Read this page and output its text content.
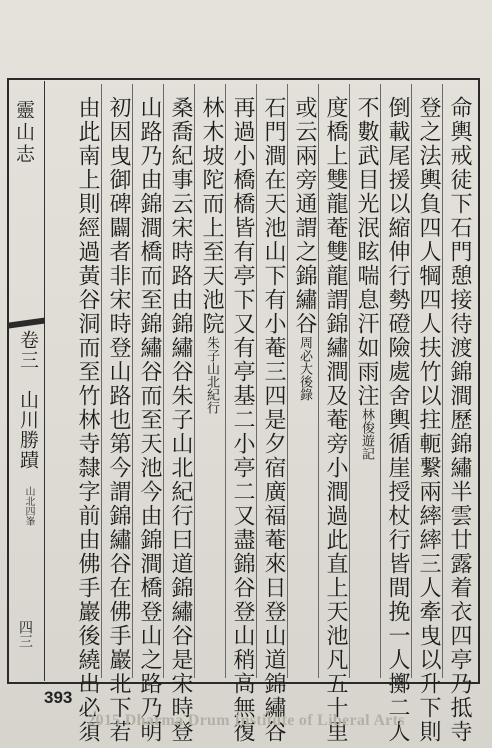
靈山志
卷三　山川勝蹟
山北四峯
四三	命輿戒徒下石門憩接待渡錦澗歷錦繡半雲廿露着衣四亭乃抵寺
登之法輿負四人犅四人扶竹以拄軛繋兩繂繂三人牽曳以升下則
倒載尾援以縮伸行勢磴險處舍輿循崖授杖行皆間挽一人擲二人
不數武目光泯眩喘息汗如雨注林俊遊記
度橋上雙龍菴雙龍謂錦繡澗及菴旁小澗過此直上天池凡五十里
或云兩旁通謂之錦繡谷周必大後錄
石門澗在天池山下有小菴三四是夕宿廣福菴來日登山道錦繡谷
再過小橋橋皆有亭下又有亭基二小亭二又盡錦谷登山稍高無復
林木坡陀而上至天池院朱子山北紀行
桑喬紀事云宋時路由錦繡谷朱子山北紀行曰道錦繡谷是宋時登
山路乃由錦澗橋而至錦繡谷而至天池今由錦澗橋登山之路乃明
初因曳御碑闢者非宋時登山路也第今謂錦繡谷在佛手巖北下若
由此南上則經過黃谷洞而至竹林寺隸字前由佛手巖後繞出必須
393
2015 Dharma Drum Institute of Liberal Arts
